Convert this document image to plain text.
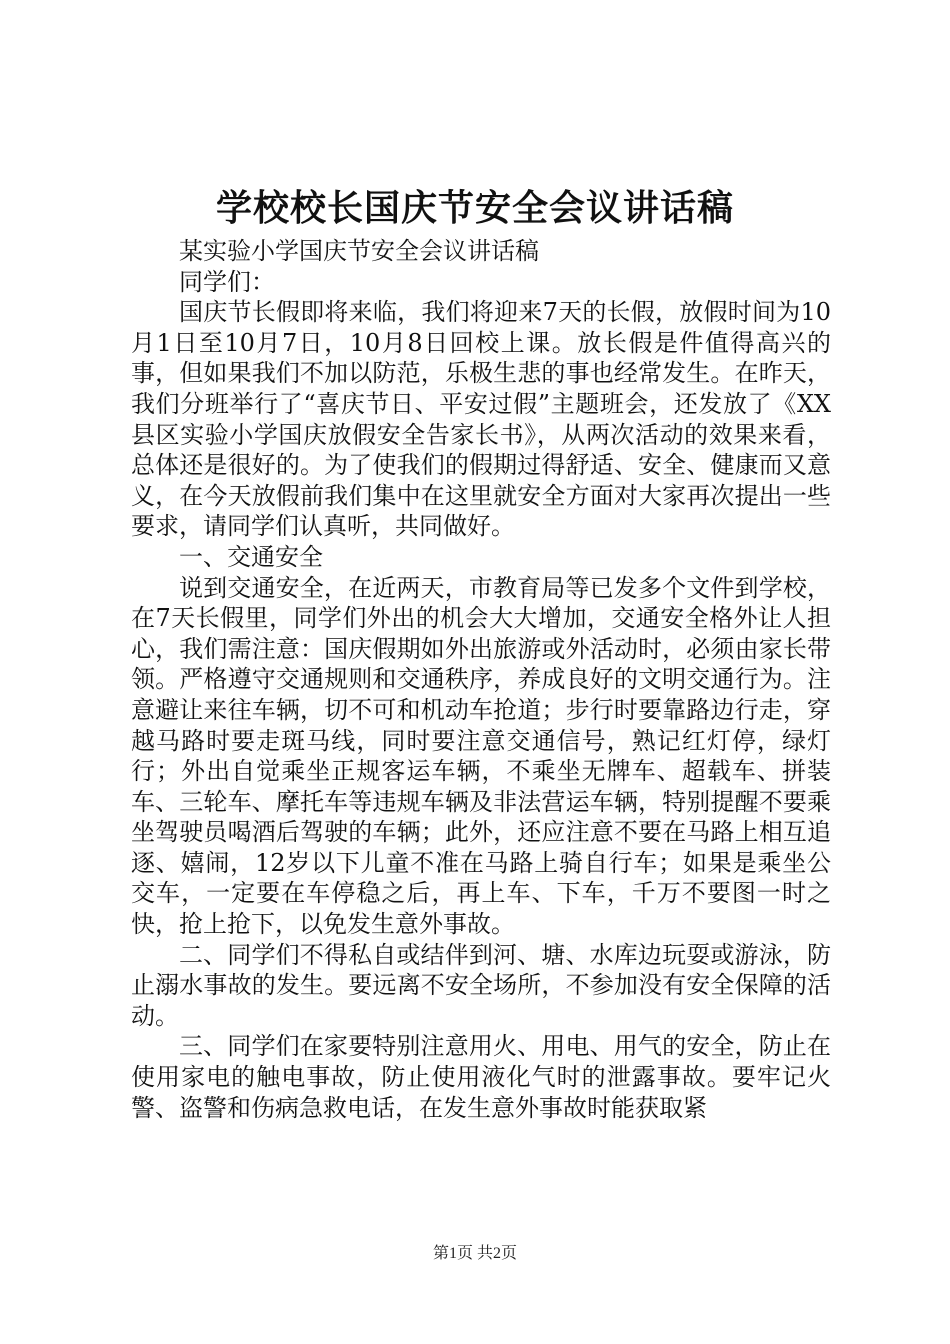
学校校长国庆节安全会议讲话稿

某实验小学国庆节安全会议讲话稿

同学们：

国庆节长假即将来临，我们将迎来7天的长假，放假时间为10月1日至10月7日，10月8日回校上课。放长假是件值得高兴的事，但如果我们不加以防范，乐极生悲的事也经常发生。在昨天，我们分班举行了“喜庆节日、平安过假”主题班会，还发放了《XX县区实验小学国庆放假安全告家长书》，从两次活动的效果来看，总体还是很好的。为了使我们的假期过得舒适、安全、健康而又意义，在今天放假前我们集中在这里就安全方面对大家再次提出一些要求，请同学们认真听，共同做好。

一、交通安全

说到交通安全，在近两天，市教育局等已发多个文件到学校，在7天长假里，同学们外出的机会大大增加，交通安全格外让人担心，我们需注意：国庆假期如外出旅游或外活动时，必须由家长带领。严格遵守交通规则和交通秩序，养成良好的文明交通行为。注意避让来往车辆，切不可和机动车抢道；步行时要靠路边行走，穿越马路时要走斑马线，同时要注意交通信号，熟记红灯停，绿灯行；外出自觉乘坐正规客运车辆，不乘坐无牌车、超载车、拼装车、三轮车、摩托车等违规车辆及非法营运车辆，特别提醒不要乘坐驾驶员喝酒后驾驶的车辆；此外，还应注意不要在马路上相互追逐、嬉闹，12岁以下儿童不准在马路上骑自行车；如果是乘坐公交车，一定要在车停稳之后，再上车、下车，千万不要图一时之快，抢上抢下，以免发生意外事故。

二、同学们不得私自或结伴到河、塘、水库边玩耍或游泳，防止溺水事故的发生。要远离不安全场所，不参加没有安全保障的活动。

三、同学们在家要特别注意用火、用电、用气的安全，防止在使用家电的触电事故，防止使用液化气时的泄露事故。要牢记火警、盗警和伤病急救电话，在发生意外事故时能获取紧

第1页 共2页
